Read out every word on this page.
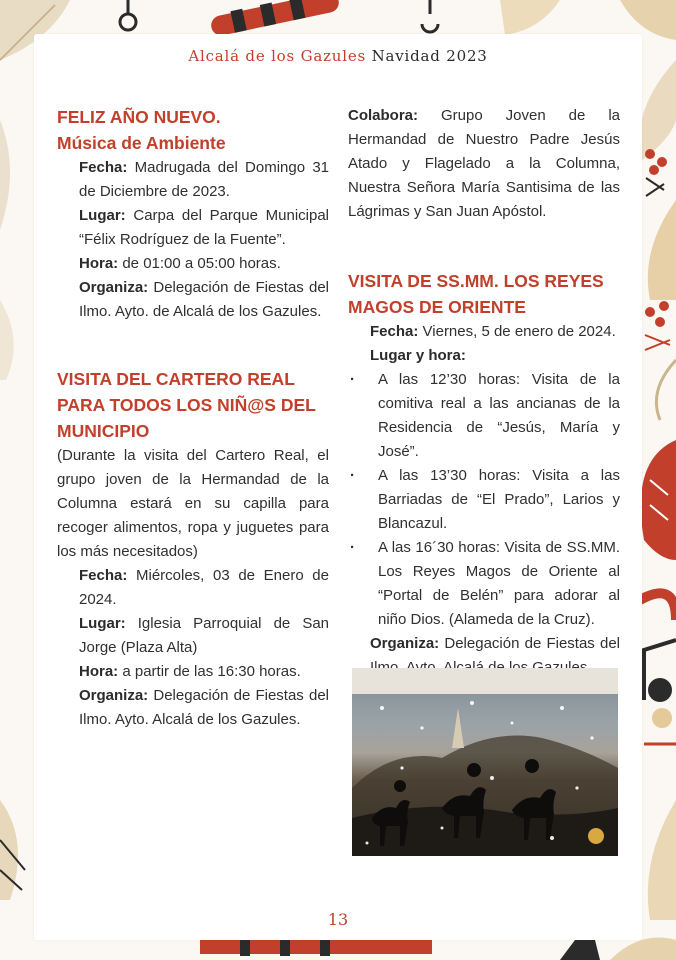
Alcalá de los Gazules Navidad 2023
FELIZ AÑO NUEVO.
Música de Ambiente

Fecha: Madrugada del Domingo 31 de Diciembre de 2023.

Lugar: Carpa del Parque Municipal “Félix Rodríguez de la Fuente”.

Hora: de 01:00 a 05:00 horas.

Organiza: Delegación de Fiestas del Ilmo. Ayto. de Alcalá de los Gazules.

VISITA DEL CARTERO REAL PARA TODOS LOS NIÑ@S DEL MUNICIPIO

(Durante la visita del Cartero Real, el grupo joven de la Hermandad de la Columna estará en su capilla para recoger alimentos, ropa y juguetes para los más necesitados)

Fecha: Miércoles, 03 de Enero de 2024.

Lugar: Iglesia Parroquial de San Jorge (Plaza Alta)

Hora: a partir de las 16:30 horas.

Organiza: Delegación de Fiestas del Ilmo. Ayto. Alcalá de los Gazules.

Colabora: Grupo Joven de la Hermandad de Nuestro Padre Jesús Atado y Flagelado a la Columna, Nuestra Señora María Santisima de las Lágrimas y San Juan Apóstol.

VISITA DE SS.MM. LOS REYES MAGOS DE ORIENTE

Fecha: Viernes, 5 de enero de 2024.

Lugar y hora:

· A las 12’30 horas: Visita de la comitiva real a las ancianas de la Residencia de “Jesús, María y José”.
· A las 13’30 horas: Visita a las Barriadas de “El Prado”, Larios y Blancazul.
· A las 16´30 horas: Visita de SS.MM. Los Reyes Magos de Oriente al “Portal de Belén” para adorar al niño Dios. (Alameda de la Cruz).

Organiza: Delegación de Fiestas del

13
